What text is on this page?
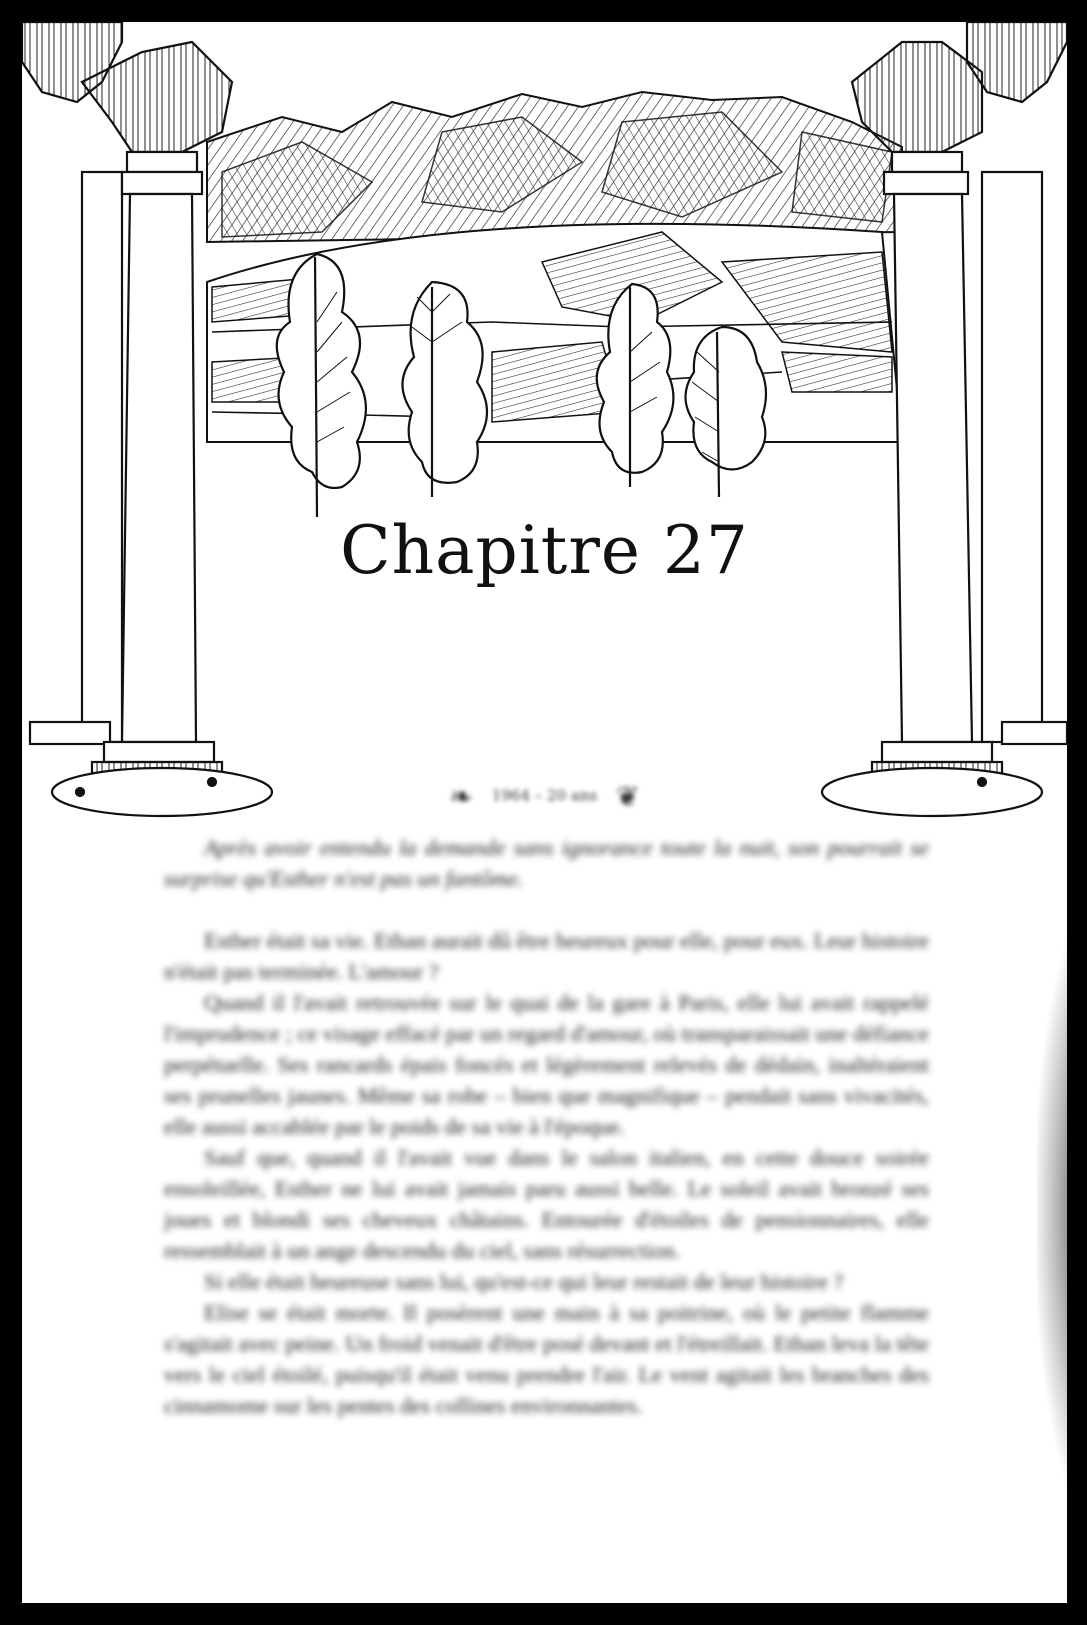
Chapitre 27
❧ 1964 – 20 ans ❦

Après avoir entendu la demande sans ignorance toute la nuit, son pourrait se surprise qu'Esther n'est pas un fantôme.

Esther était sa vie. Ethan aurait dû être heureux pour elle, pour eux. Leur histoire n'était pas terminée. L'amour ?

Quand il l'avait retrouvée sur le quai de la gare à Paris, elle lui avait rappelé l'imprudence ; ce visage effacé par un regard d'amour, où transparaissait une défiance perpétuelle. Ses rancards épais foncés et légèrement relevés de dédain, inaltéraient ses prunelles jaunes. Même sa robe – bien que magnifique – pendait sans vivacités, elle aussi accablée par le poids de sa vie à l'époque.

Sauf que, quand il l'avait vue dans le salon italien, en cette douce soirée ensoleillée, Esther ne lui avait jamais paru aussi belle. Le soleil avait bronzé ses joues et blondi ses cheveux châtains. Entourée d'étoiles de pensionnaires, elle ressemblait à un ange descendu du ciel, sans résurrection.

Si elle était heureuse sans lui, qu'est-ce qui leur restait de leur histoire ?

Elise se était morte. Il posèrent une main à sa poitrine, où le petite flamme s'agitait avec peine. Un froid venait d'être posé devant et l'étreillait. Ethan leva la tête vers le ciel étoilé, puisqu'il était venu prendre l'air. Le vent agitait les branches des cinnamome sur les pentes des collines environnantes.
